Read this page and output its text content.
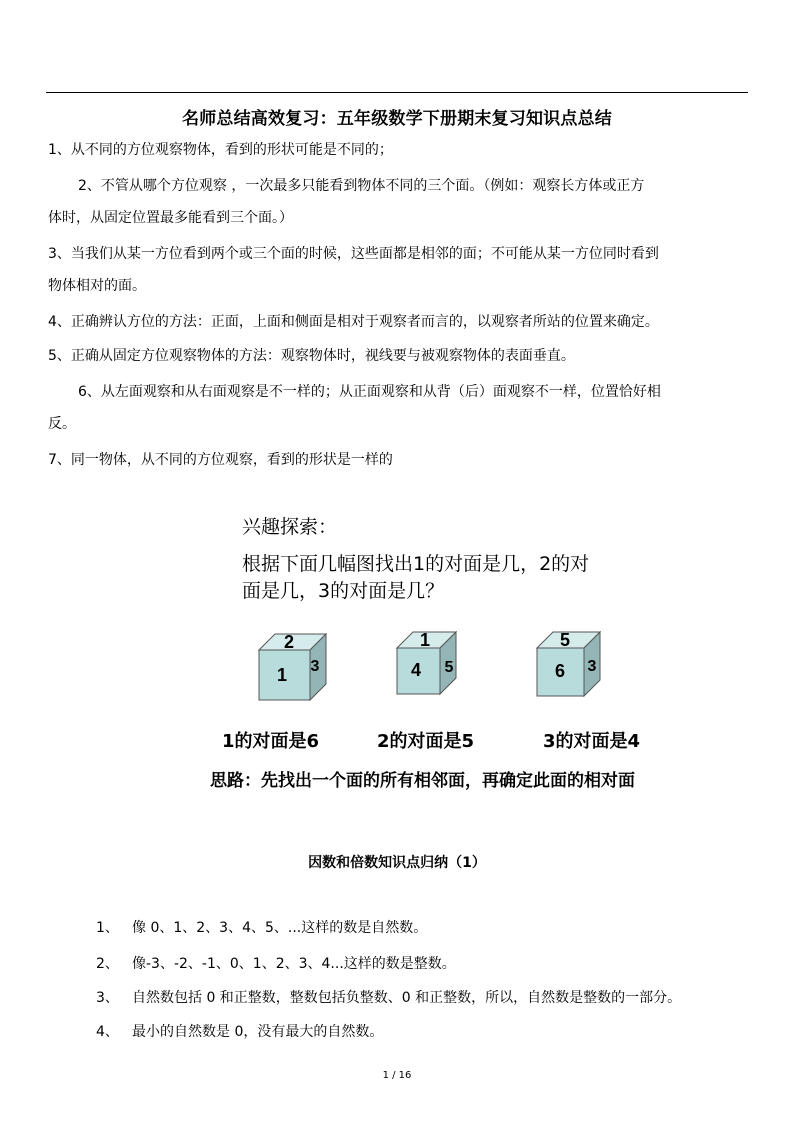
名师总结高效复习：五年级数学下册期末复习知识点总结
1、从不同的方位观察物体，看到的形状可能是不同的；
2、不管从哪个方位观察 ，一次最多只能看到物体不同的三个面。（例如：观察长方体或正方
体时，从固定位置最多能看到三个面。）
3、当我们从某一方位看到两个或三个面的时候，这些面都是相邻的面；不可能从某一方位同时看到
物体相对的面。
4、正确辨认方位的方法：正面，上面和侧面是相对于观察者而言的，以观察者所站的位置来确定。
5、正确从固定方位观察物体的方法：观察物体时，视线要与被观察物体的表面垂直。
6、从左面观察和从右面观察是不一样的；从正面观察和从背（后）面观察不一样，位置恰好相
反。
7、同一物体，从不同的方位观察，看到的形状是一样的
兴趣探索：
根据下面几幅图找出1的对面是几，2的对
面是几，3的对面是几？
2
1 3
1
4 5
5
6 3
1的对面是6	2的对面是5	3的对面是4
思路：先找出一个面的所有相邻面，再确定此面的相对面
因数和倍数知识点归纳（1）
1、 像 0、1、2、3、4、5、...这样的数是自然数。
2、 像-3、-2、-1、0、1、2、3、4...这样的数是整数。
3、 自然数包括 0 和正整数，整数包括负整数、0 和正整数，所以，自然数是整数的一部分。
4、 最小的自然数是 0，没有最大的自然数。
1 / 16
